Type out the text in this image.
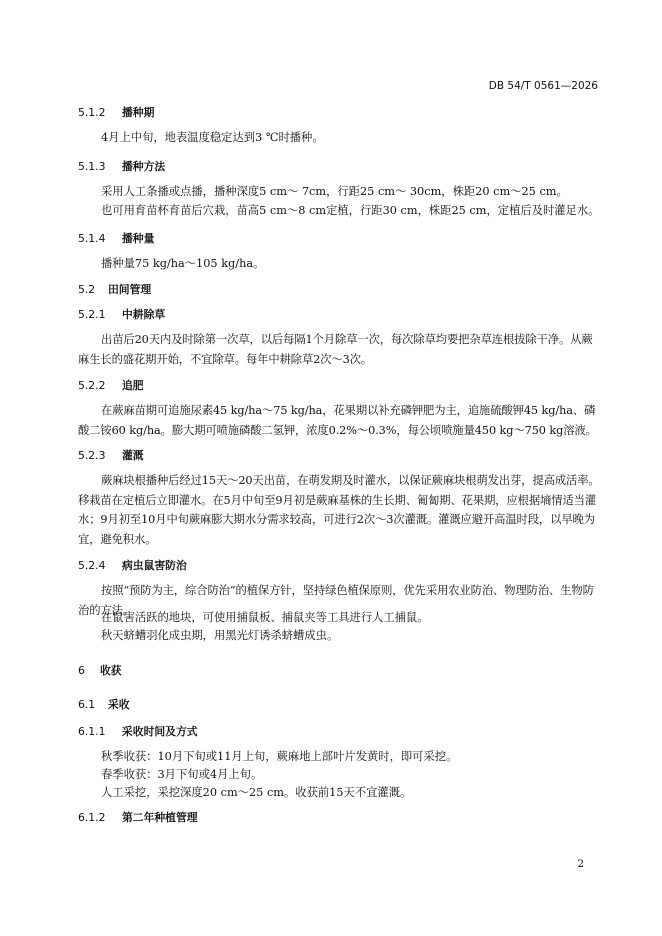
DB 54/T 0561—2026
5.1.2 播种期
4月上中旬，地表温度稳定达到3 ℃时播种。
5.1.3 播种方法
采用人工条播或点播，播种深度5 cm～ 7cm，行距25 cm～ 30cm，株距20 cm～25 cm。
也可用育苗杯育苗后穴栽，苗高5 cm～8 cm定植，行距30 cm，株距25 cm，定植后及时灌足水。
5.1.4 播种量
播种量75 kg/ha～105 kg/ha。
5.2 田间管理
5.2.1 中耕除草
出苗后20天内及时除第一次草，以后每隔1个月除草一次，每次除草均要把杂草连根拔除干净。从蕨麻生长的盛花期开始，不宜除草。每年中耕除草2次～3次。
5.2.2 追肥
在蕨麻苗期可追施尿素45 kg/ha～75 kg/ha，花果期以补充磷钾肥为主，追施硫酸钾45 kg/ha、磷酸二铵60 kg/ha。膨大期可喷施磷酸二氢钾，浓度0.2%～0.3%，每公顷喷施量450 kg～750 kg溶液。
5.2.3 灌溉
蕨麻块根播种后经过15天～20天出苗，在萌发期及时灌水，以保证蕨麻块根萌发出芽，提高成活率。移栽苗在定植后立即灌水。在5月中旬至9月初是蕨麻基株的生长期、匍匐期、花果期，应根据墒情适当灌水；9月初至10月中旬蕨麻膨大期水分需求较高，可进行2次～3次灌溉。灌溉应避开高温时段，以早晚为宜，避免积水。
5.2.4 病虫鼠害防治
按照“预防为主，综合防治”的植保方针，坚持绿色植保原则，优先采用农业防治、物理防治、生物防治的方法。
在鼠害活跃的地块，可使用捕鼠板、捕鼠夹等工具进行人工捕鼠。
秋天蛴螬羽化成虫期，用黑光灯诱杀蛴螬成虫。
6 收获
6.1 采收
6.1.1 采收时间及方式
秋季收获：10月下旬或11月上旬，蕨麻地上部叶片发黄时，即可采挖。
春季收获：3月下旬或4月上旬。
人工采挖，采挖深度20 cm～25 cm。收获前15天不宜灌溉。
6.1.2 第二年种植管理
2
